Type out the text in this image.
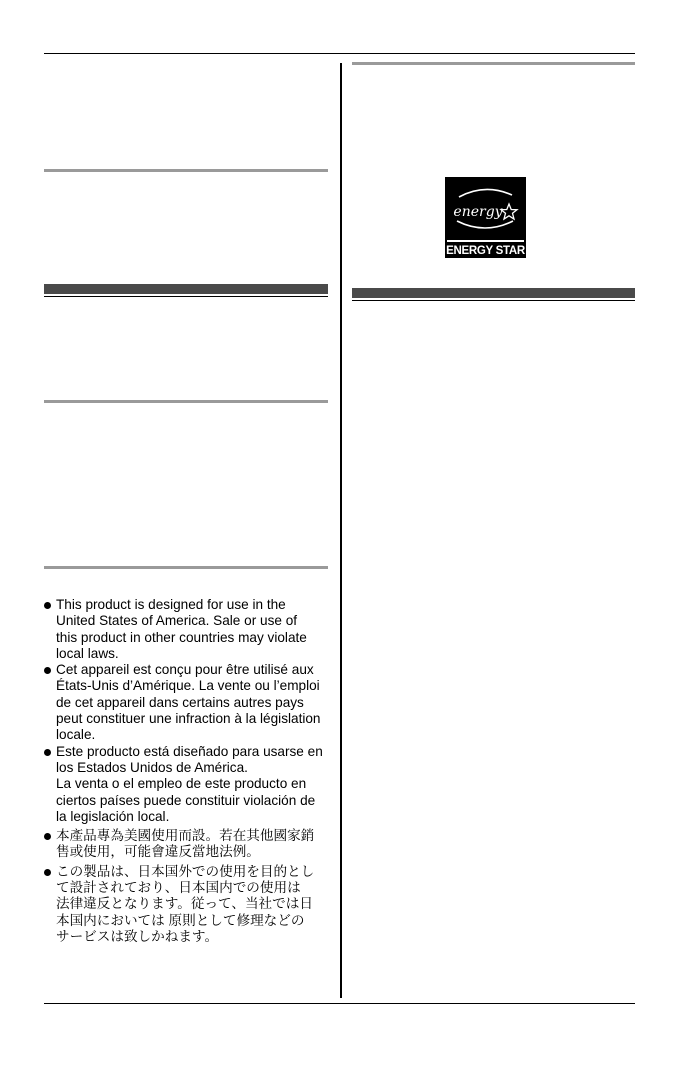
energy
ENERGY STAR
This product is designed for use in the
United States of America. Sale or use of
this product in other countries may violate
local laws.
Cet appareil est conçu pour être utilisé aux
États-Unis d’Amérique. La vente ou l’emploi
de cet appareil dans certains autres pays
peut constituer une infraction à la législation
locale.
Este producto está diseñado para usarse en
los Estados Unidos de América.
La venta o el empleo de este producto en
ciertos países puede constituir violación de
la legislación local.
本產品專為美國使用而設。若在其他國家銷
售或使用，可能會違反當地法例。
この製品は、日本国外での使用を目的とし
て設計されており、日本国内での使用は
法律違反となります。従って、当社では日
本国内においては 原則として修理などの
サービスは致しかねます。
